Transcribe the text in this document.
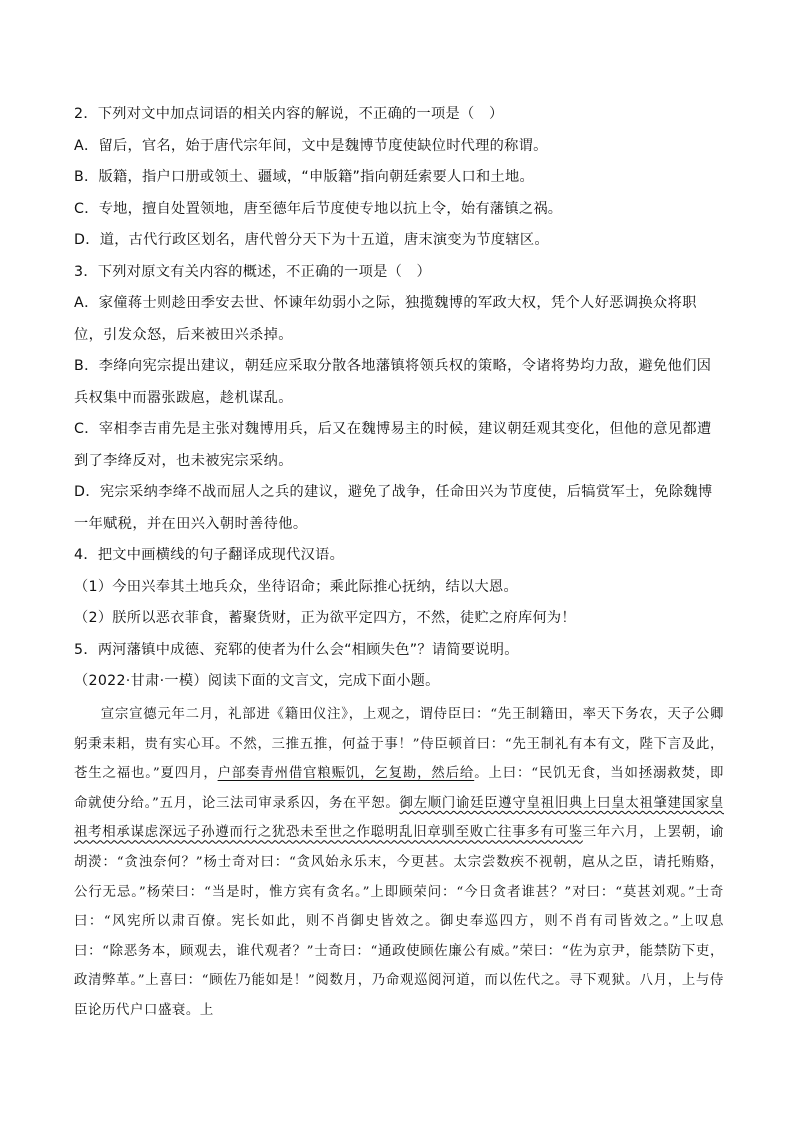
2．下列对文中加点词语的相关内容的解说，不正确的一项是（　）
A．留后，官名，始于唐代宗年间，文中是魏博节度使缺位时代理的称谓。
B．版籍，指户口册或领土、疆域，“申版籍”指向朝廷索要人口和土地。
C．专地，擅自处置领地，唐至德年后节度使专地以抗上令，始有藩镇之祸。
D．道，古代行政区划名，唐代曾分天下为十五道，唐末演变为节度辖区。
3．下列对原文有关内容的概述，不正确的一项是（　）
A．家僮蒋士则趁田季安去世、怀谏年幼弱小之际，独揽魏博的军政大权，凭个人好恶调换众将职位，引发众怒，后来被田兴杀掉。
B．李绛向宪宗提出建议，朝廷应采取分散各地藩镇将领兵权的策略，令诸将势均力敌，避免他们因兵权集中而嚣张跋扈，趁机谋乱。
C．宰相李吉甫先是主张对魏博用兵，后又在魏博易主的时候，建议朝廷观其变化，但他的意见都遭到了李绛反对，也未被宪宗采纳。
D．宪宗采纳李绛不战而屈人之兵的建议，避免了战争，任命田兴为节度使，后犒赏军士，免除魏博一年赋税，并在田兴入朝时善待他。
4．把文中画横线的句子翻译成现代汉语。
（1）今田兴奉其土地兵众，坐待诏命；乘此际推心抚纳，结以大恩。
（2）朕所以恶衣菲食，蓄聚货财，正为欲平定四方，不然，徒贮之府库何为！
5．两河藩镇中成德、兖郓的使者为什么会“相顾失色”？请简要说明。
（2022·甘肃·一模）阅读下面的文言文，完成下面小题。

宣宗宣德元年二月，礼部进《籍田仪注》，上观之，谓侍臣曰：“先王制籍田，率天下务农，天子公卿躬秉耒耜，贵有实心耳。不然，三推五推，何益于事！”侍臣顿首曰：“先王制礼有本有文，陛下言及此，苍生之福也。”夏四月，户部奏青州借官粮赈饥，乞复勘，然后给。上曰：“民饥无食，当如拯溺救焚，即命就使分给。”五月，论三法司审录系囚，务在平恕。御左顺门谕廷臣遵守皇祖旧典上曰皇太祖肇建国家皇祖考相承谋虑深远子孙遵而行之犹恐未至世之作聪明乱旧章驯至败亡往事多有可鉴三年六月，上罢朝，谕胡濙：“贪浊奈何？”杨士奇对曰：“贪风始永乐末，今更甚。太宗尝数疾不视朝，扈从之臣，请托贿赂，公行无忌。”杨荣曰：“当是时，惟方宾有贪名。”上即顾荣问：“今日贪者谁甚？”对曰：“莫甚刘观。”士奇曰：“风宪所以肃百僚。宪长如此，则不肖御史皆效之。御史奉巡四方，则不肖有司皆效之。”上叹息曰：“除恶务本，顾观去，谁代观者？”士奇曰：“通政使顾佐廉公有威。”荣曰：“佐为京尹，能禁防下吏，政清弊革。”上喜曰：“顾佐乃能如是！”阅数月，乃命观巡阅河道，而以佐代之。寻下观狱。八月，上与侍臣论历代户口盛衰。上
